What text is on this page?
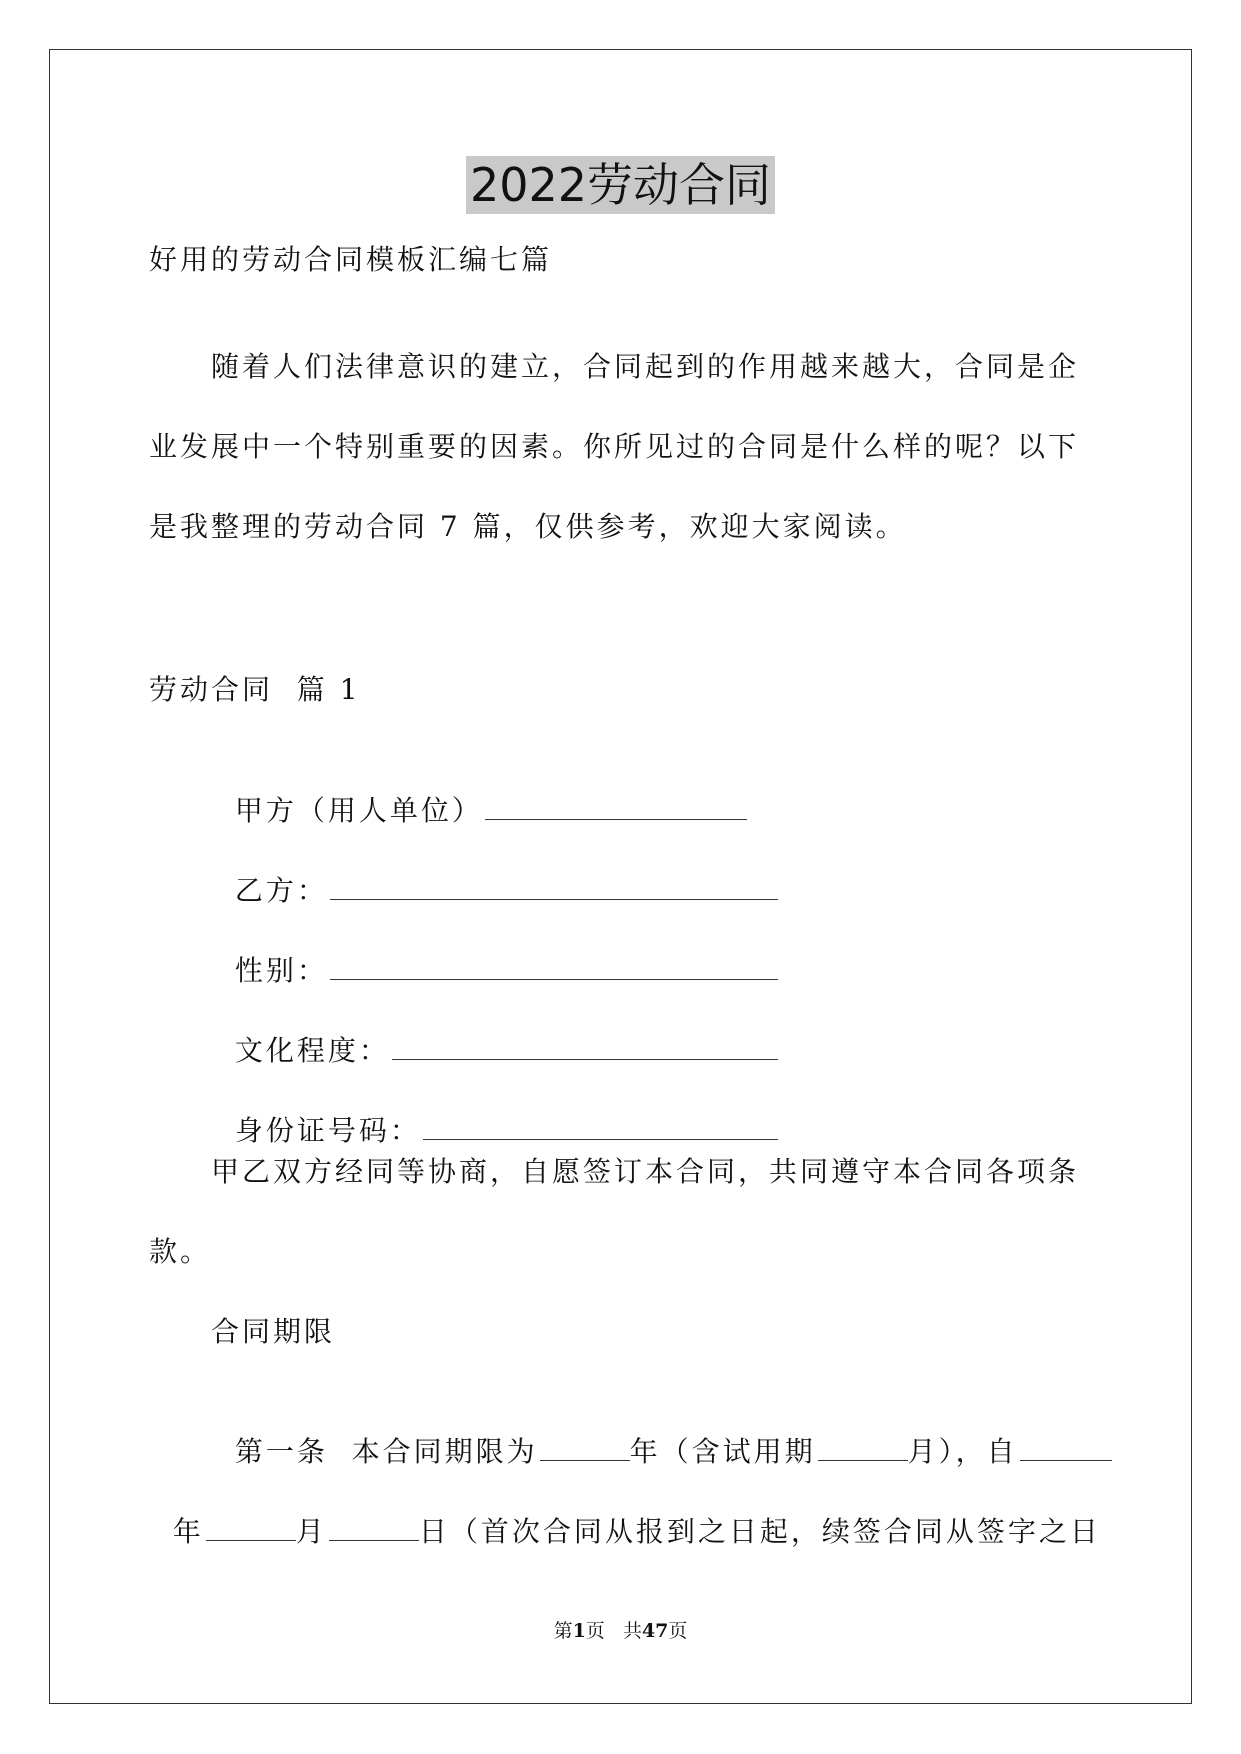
2022劳动合同
好用的劳动合同模板汇编七篇
随着人们法律意识的建立，合同起到的作用越来越大，合同是企
业发展中一个特别重要的因素。你所见过的合同是什么样的呢？以下
是我整理的劳动合同 7 篇，仅供参考，欢迎大家阅读。
劳动合同  篇 1

甲方（用人单位）

乙方：

性别：

文化程度：

身份证号码：

甲乙双方经同等协商，自愿签订本合同，共同遵守本合同各项条
款。
合同期限

第一条  本合同期限为	年（含试用期	月），自

年	月	日（首次合同从报到之日起，续签合同从签字之日

第1页   共47页
